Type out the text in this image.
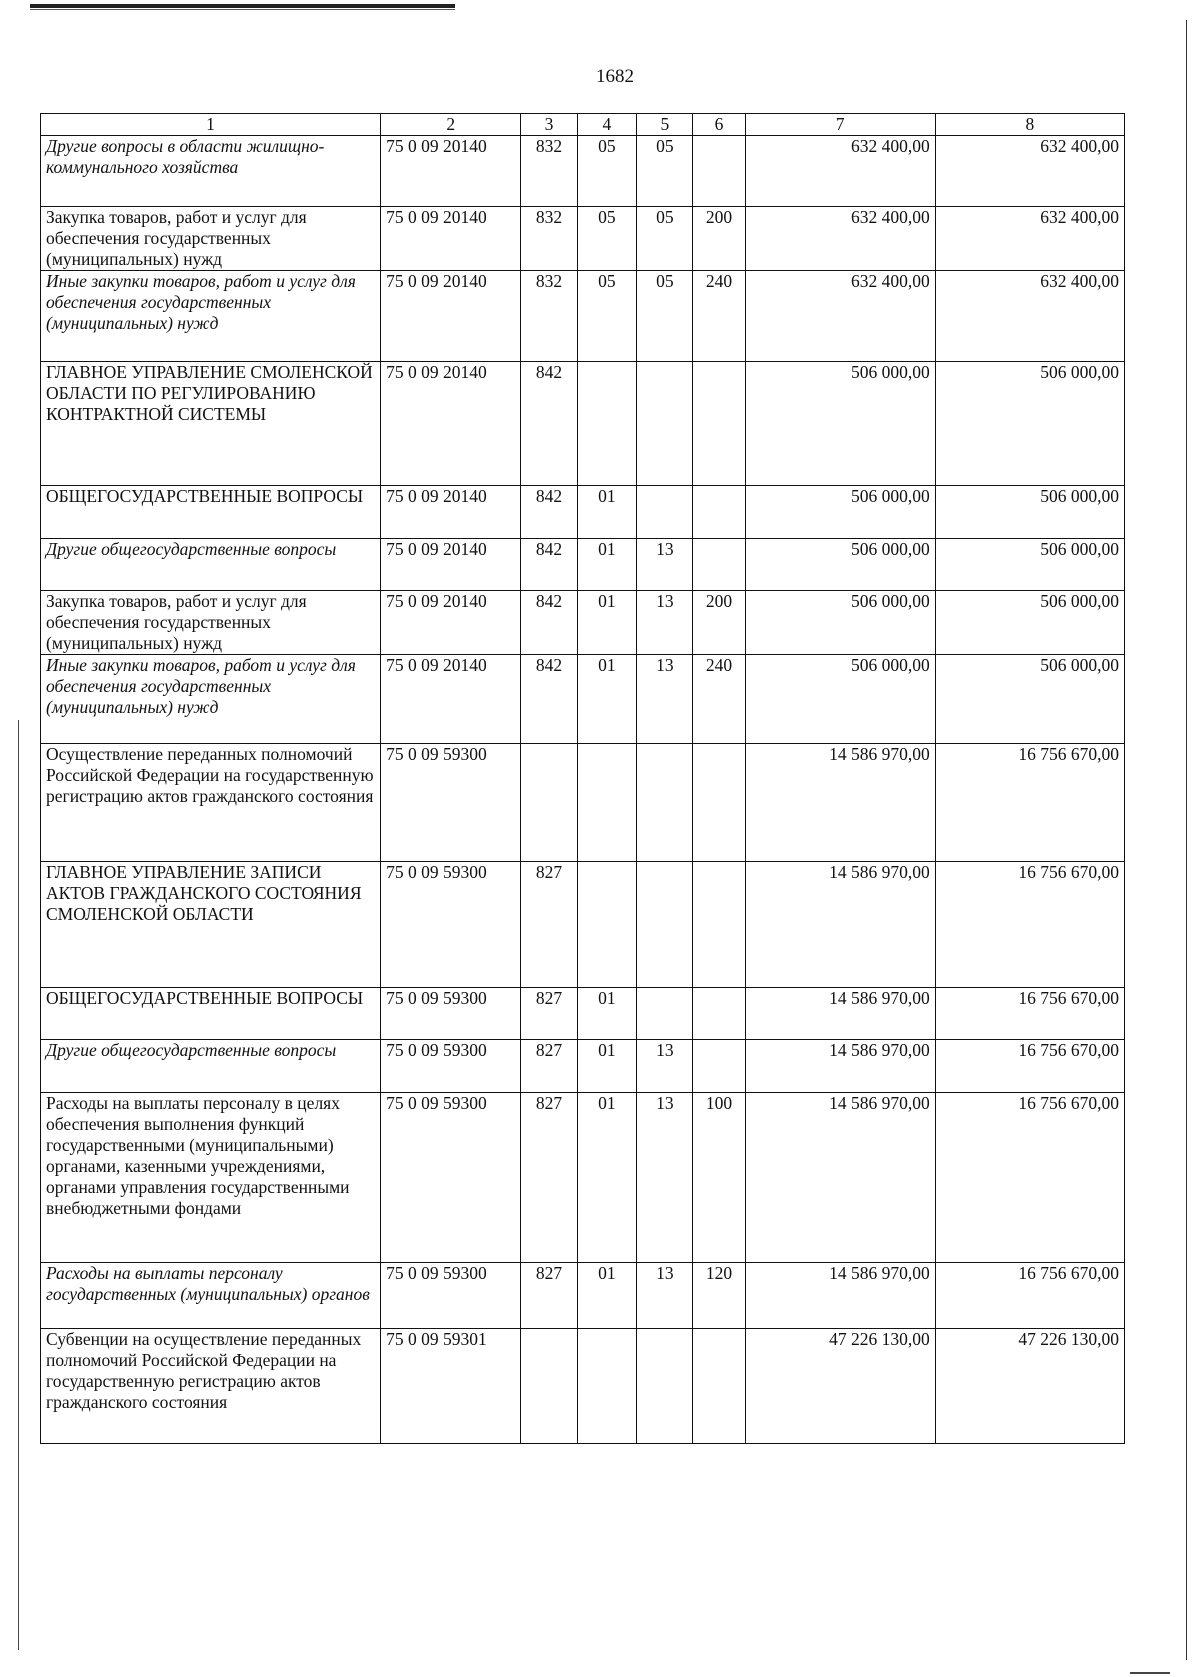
1682
1	2	3	4	5	6	7	8
Другие вопросы в области жилищно-коммунального хозяйства	75 0 09 20140	832	05	05		632 400,00	632 400,00
Закупка товаров, работ и услуг для обеспечения государственных (муниципальных) нужд	75 0 09 20140	832	05	05	200	632 400,00	632 400,00
Иные закупки товаров, работ и услуг для обеспечения государственных (муниципальных) нужд	75 0 09 20140	832	05	05	240	632 400,00	632 400,00
ГЛАВНОЕ УПРАВЛЕНИЕ СМОЛЕНСКОЙ ОБЛАСТИ ПО РЕГУЛИРОВАНИЮ КОНТРАКТНОЙ СИСТЕМЫ	75 0 09 20140	842				506 000,00	506 000,00
ОБЩЕГОСУДАРСТВЕННЫЕ ВОПРОСЫ	75 0 09 20140	842	01			506 000,00	506 000,00
Другие общегосударственные вопросы	75 0 09 20140	842	01	13		506 000,00	506 000,00
Закупка товаров, работ и услуг для обеспечения государственных (муниципальных) нужд	75 0 09 20140	842	01	13	200	506 000,00	506 000,00
Иные закупки товаров, работ и услуг для обеспечения государственных (муниципальных) нужд	75 0 09 20140	842	01	13	240	506 000,00	506 000,00
Осуществление переданных полномочий Российской Федерации на государственную регистрацию актов гражданского состояния	75 0 09 59300					14 586 970,00	16 756 670,00
ГЛАВНОЕ УПРАВЛЕНИЕ ЗАПИСИ АКТОВ ГРАЖДАНСКОГО СОСТОЯНИЯ СМОЛЕНСКОЙ ОБЛАСТИ	75 0 09 59300	827				14 586 970,00	16 756 670,00
ОБЩЕГОСУДАРСТВЕННЫЕ ВОПРОСЫ	75 0 09 59300	827	01			14 586 970,00	16 756 670,00
Другие общегосударственные вопросы	75 0 09 59300	827	01	13		14 586 970,00	16 756 670,00
Расходы на выплаты персоналу в целях обеспечения выполнения функций государственными (муниципальными) органами, казенными учреждениями, органами управления государственными внебюджетными фондами	75 0 09 59300	827	01	13	100	14 586 970,00	16 756 670,00
Расходы на выплаты персоналу государственных (муниципальных) органов	75 0 09 59300	827	01	13	120	14 586 970,00	16 756 670,00
Субвенции на осуществление переданных полномочий Российской Федерации на государственную регистрацию актов гражданского состояния	75 0 09 59301					47 226 130,00	47 226 130,00
